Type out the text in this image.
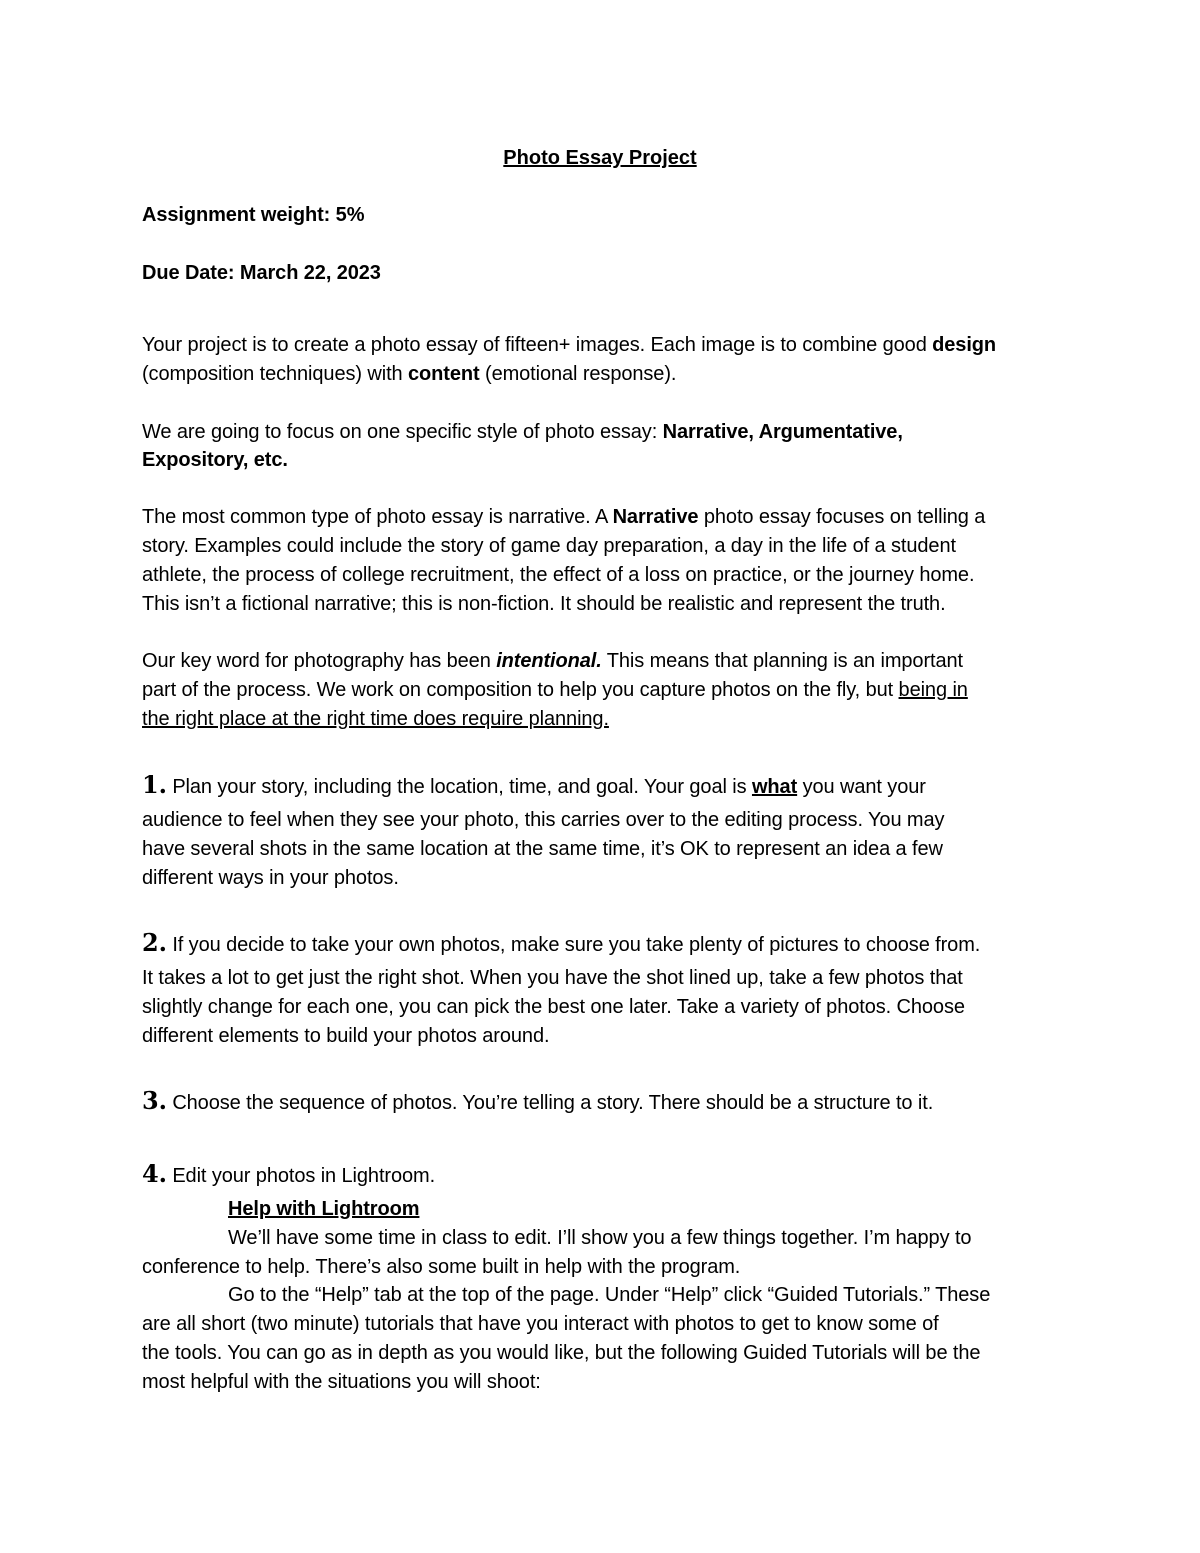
Photo Essay Project
Assignment weight: 5%
Due Date: March 22, 2023
Your project is to create a photo essay of fifteen+ images. Each image is to combine good design
(composition techniques) with content (emotional response).
We are going to focus on one specific style of photo essay: Narrative, Argumentative,
Expository, etc.
The most common type of photo essay is narrative. A Narrative photo essay focuses on telling a
story. Examples could include the story of game day preparation, a day in the life of a student
athlete, the process of college recruitment, the effect of a loss on practice, or the journey home.
This isn’t a fictional narrative; this is non-fiction. It should be realistic and represent the truth.
Our key word for photography has been intentional. This means that planning is an important
part of the process. We work on composition to help you capture photos on the fly, but being in
the right place at the right time does require planning.
1. Plan your story, including the location, time, and goal. Your goal is what you want your
audience to feel when they see your photo, this carries over to the editing process. You may
have several shots in the same location at the same time, it’s OK to represent an idea a few
different ways in your photos.
2. If you decide to take your own photos, make sure you take plenty of pictures to choose from.
It takes a lot to get just the right shot. When you have the shot lined up, take a few photos that
slightly change for each one, you can pick the best one later. Take a variety of photos. Choose
different elements to build your photos around.
3. Choose the sequence of photos. You’re telling a story. There should be a structure to it.
4. Edit your photos in Lightroom.
Help with Lightroom
We’ll have some time in class to edit. I’ll show you a few things together. I’m happy to
conference to help. There’s also some built in help with the program.
Go to the “Help” tab at the top of the page. Under “Help” click “Guided Tutorials.” These
are all short (two minute) tutorials that have you interact with photos to get to know some of
the tools. You can go as in depth as you would like, but the following Guided Tutorials will be the
most helpful with the situations you will shoot:
